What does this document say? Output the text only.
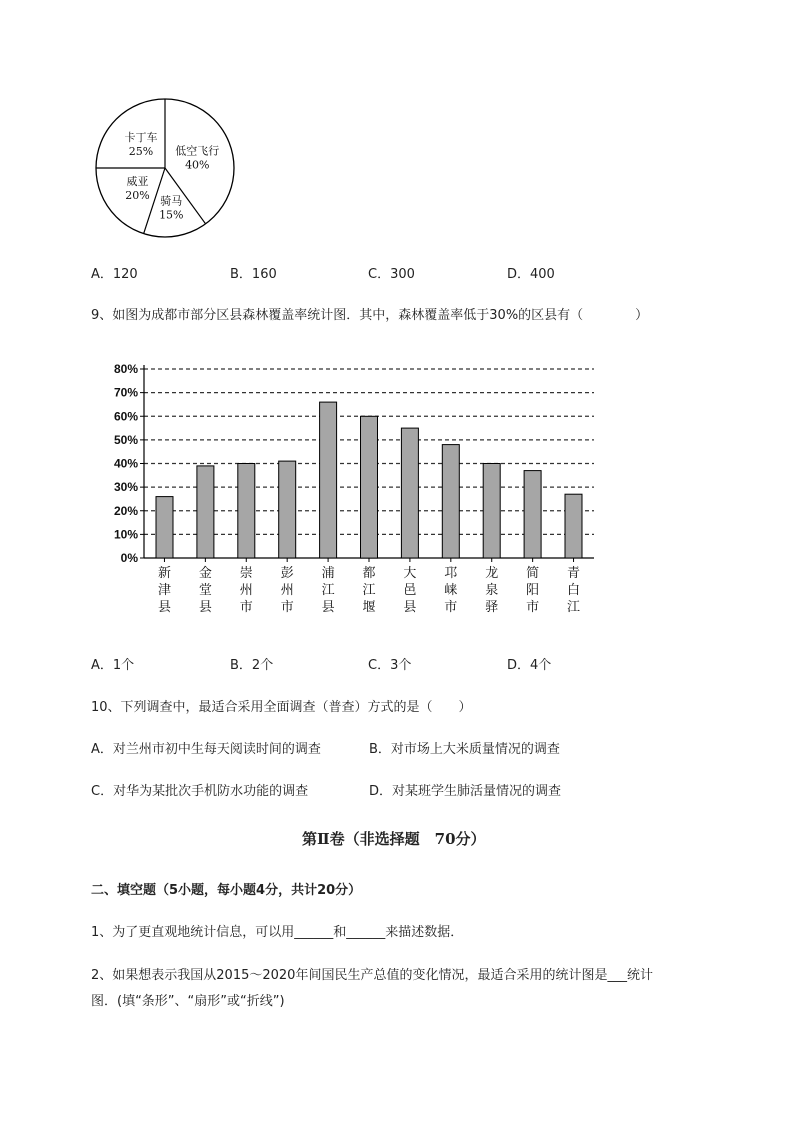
低空飞行
40%
骑马
15%
威亚
20%
卡丁车
25%
A．120	B．160	C．300	D．400
9、如图为成都市部分区县森林覆盖率统计图．其中，森林覆盖率低于30%的区县有（　　　　）
0%
10%
20%
30%
40%
50%
60%
70%
80%
新
津
县
金
堂
县
崇
州
市
彭
州
市
浦
江
县
都
江
堰
大
邑
县
邛
崃
市
龙
泉
驿
简
阳
市
青
白
江
A．1个	B．2个	C．3个	D．4个
10、下列调查中，最适合采用全面调查（普查）方式的是（　　）
A．对兰州市初中生每天阅读时间的调查	B．对市场上大米质量情况的调查
C．对华为某批次手机防水功能的调查	D．对某班学生肺活量情况的调查
第Ⅱ卷（非选择题　70分）
二、填空题（5小题，每小题4分，共计20分）
1、为了更直观地统计信息，可以用______和______来描述数据．
2、如果想表示我国从2015～2020年间国民生产总值的变化情况，最适合采用的统计图是___统计
图．(填“条形”、“扇形”或“折线”)
